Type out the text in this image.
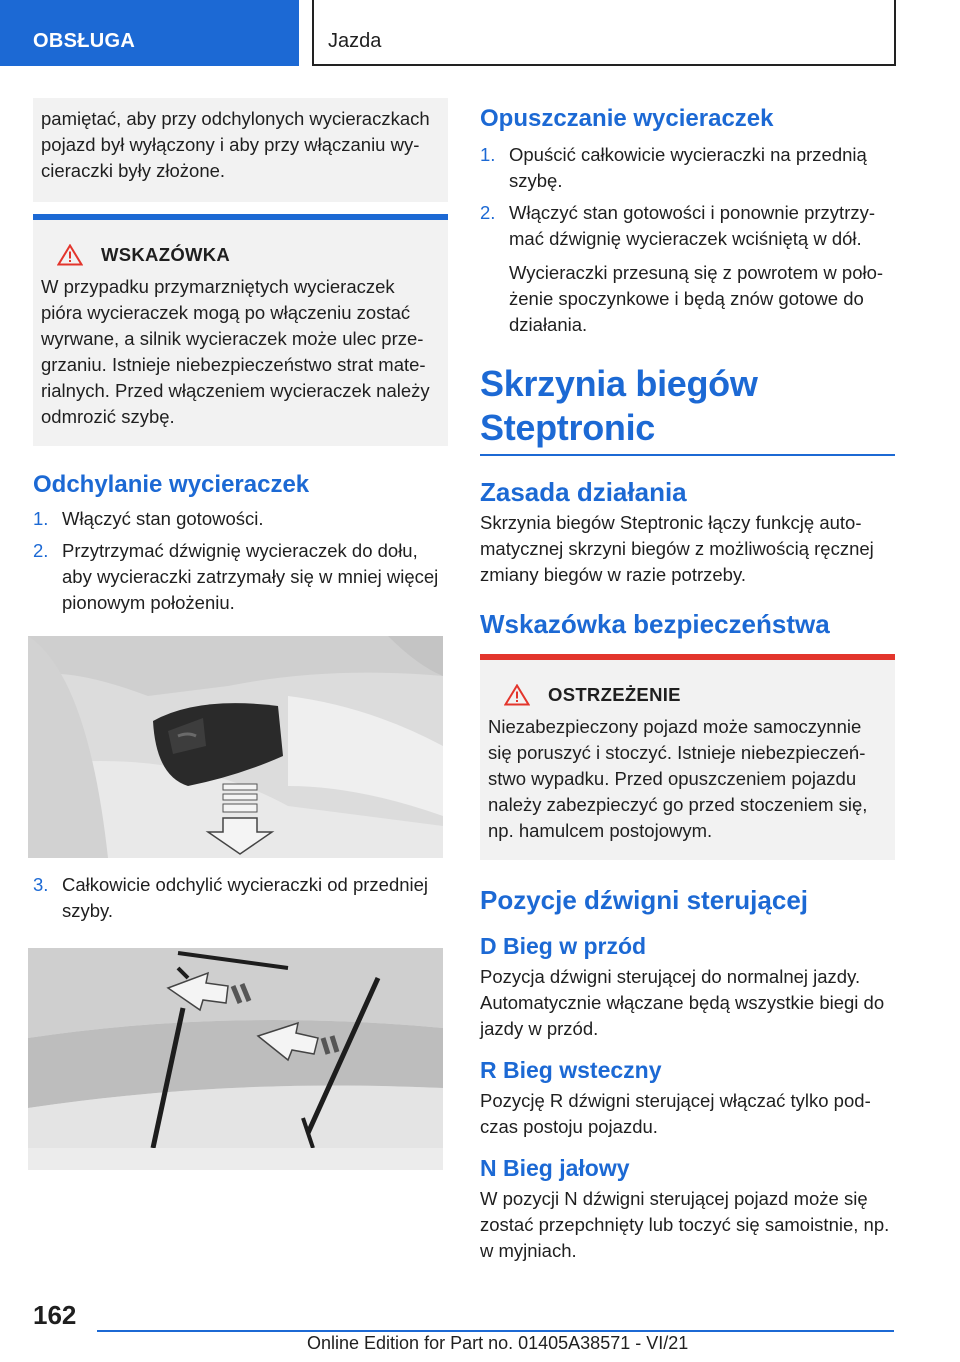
OBSŁUGA	Jazda

pamiętać, aby przy odchylonych wycieraczkach pojazd był wyłączony i aby przy włączaniu wycieraczki były złożone.

WSKAZÓWKA

W przypadku przymarzniętych wycieraczek pióra wycieraczek mogą po włączeniu zostać wyrwane, a silnik wycieraczek może ulec przegrzaniu. Istnieje niebezpieczeństwo strat materialnych. Przed włączeniem wycieraczek należy odmrozić szybę.

Odchylanie wycieraczek
1. Włączyć stan gotowości.
2. Przytrzymać dźwignię wycieraczek do dołu, aby wycieraczki zatrzymały się w mniej więcej pionowym położeniu.
3. Całkowicie odchylić wycieraczki od przedniej szyby.
Opuszczanie wycieraczek
1. Opuścić całkowicie wycieraczki na przednią szybę.
2. Włączyć stan gotowości i ponownie przytrzymać dźwignię wycieraczek wciśniętą w dół.

Wycieraczki przesuną się z powrotem w położenie spoczynkowe i będą znów gotowe do działania.

Skrzynia biegów Steptronic
Zasada działania

Skrzynia biegów Steptronic łączy funkcję automatycznej skrzyni biegów z możliwością ręcznej zmiany biegów w razie potrzeby.

Wskazówka bezpieczeństwa
OSTRZEŻENIE

Niezabezpieczony pojazd może samoczynnie się poruszyć i stoczyć. Istnieje niebezpieczeństwo wypadku. Przed opuszczeniem pojazdu należy zabezpieczyć go przed stoczeniem się, np. hamulcem postojowym.

Pozycje dźwigni sterującej
D Bieg w przód

Pozycja dźwigni sterującej do normalnej jazdy. Automatycznie włączane będą wszystkie biegi do jazdy w przód.

R Bieg wsteczny

Pozycję R dźwigni sterującej włączać tylko podczas postoju pojazdu.

N Bieg jałowy

W pozycji N dźwigni sterującej pojazd może się zostać przepchnięty lub toczyć się samoistnie, np. w myjniach.

162
Online Edition for Part no. 01405A38571 - VI/21
